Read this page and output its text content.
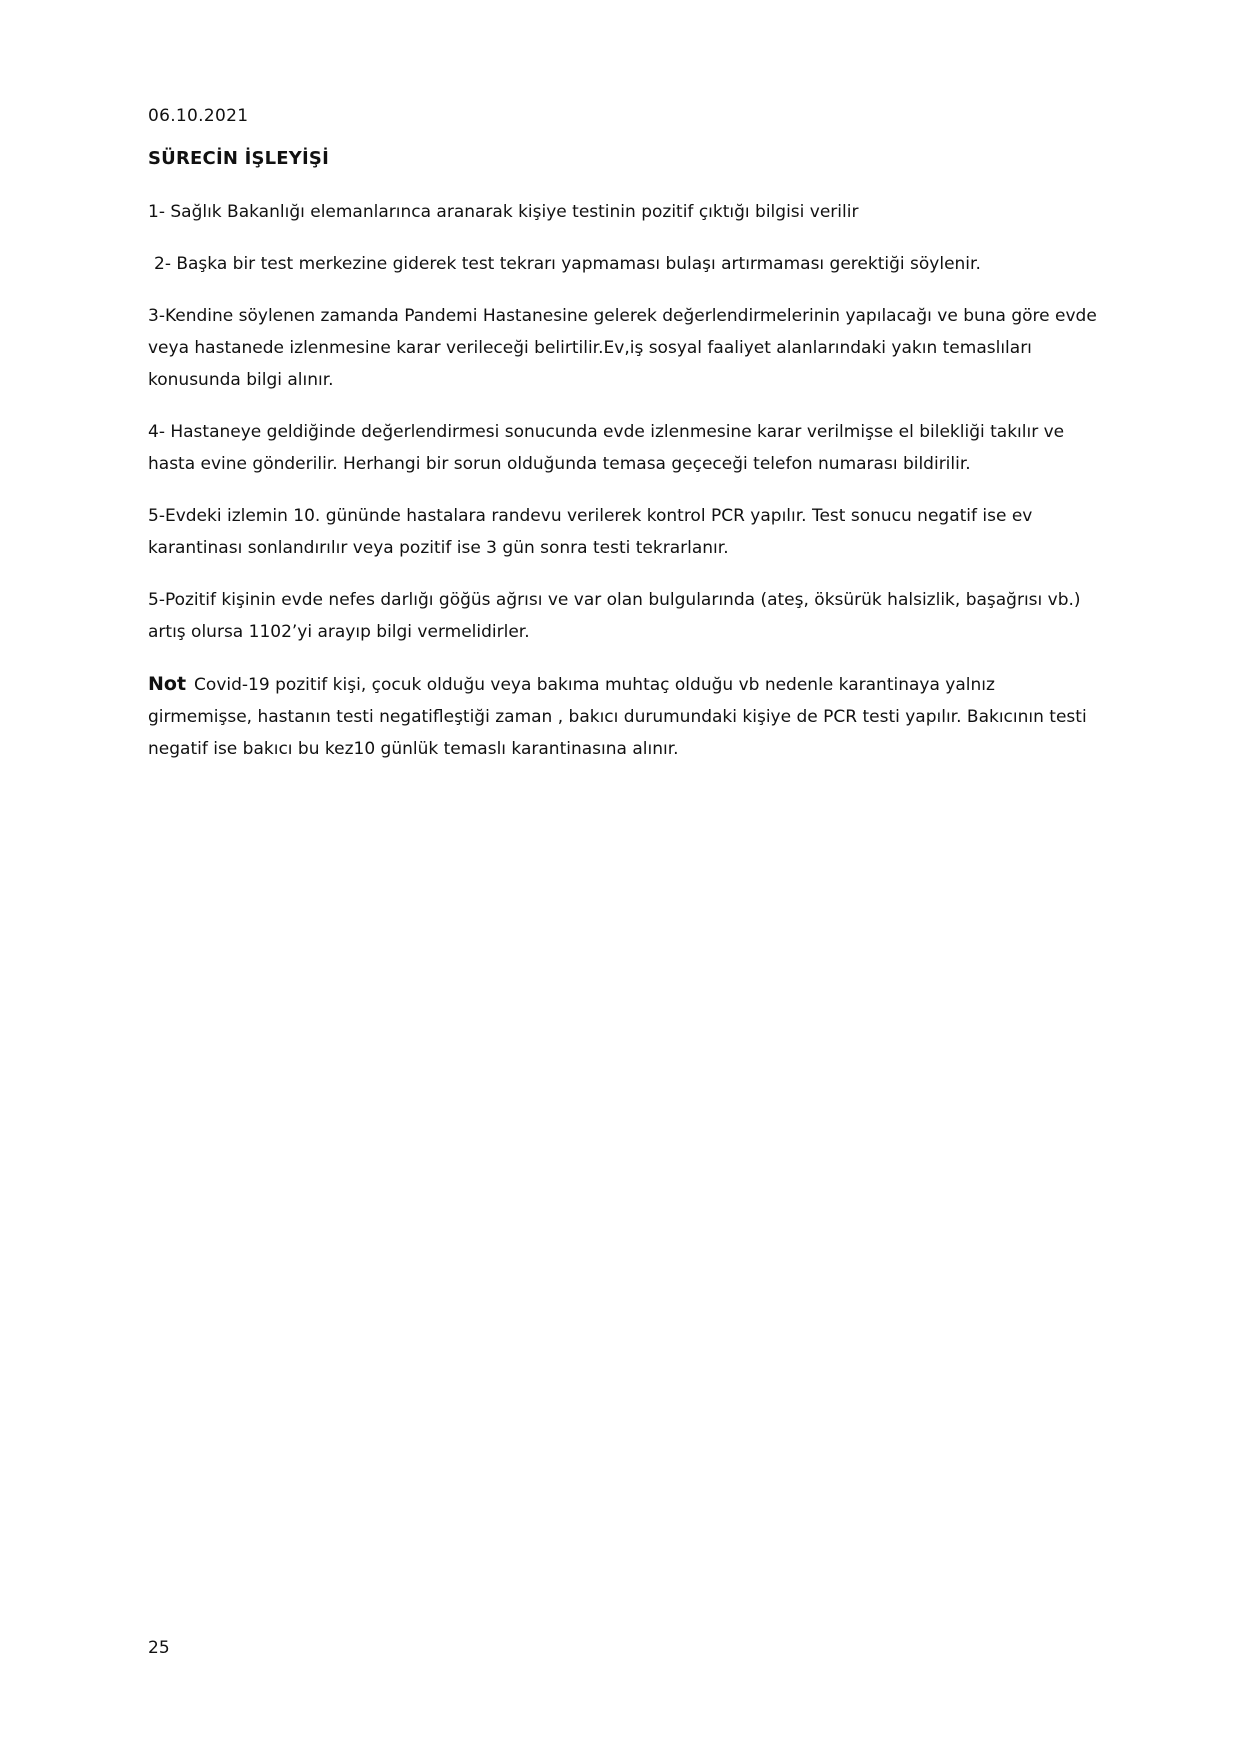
06.10.2021
SÜRECİN İŞLEYİŞİ

1- Sağlık Bakanlığı elemanlarınca aranarak kişiye testinin pozitif çıktığı bilgisi verilir

2- Başka bir test merkezine giderek test tekrarı yapmaması bulaşı artırmaması gerektiği söylenir.

3-Kendine söylenen zamanda Pandemi Hastanesine gelerek değerlendirmelerinin yapılacağı ve buna göre evde veya hastanede izlenmesine karar verileceği belirtilir.Ev,iş sosyal faaliyet alanlarındaki yakın temaslıları konusunda bilgi alınır.

4- Hastaneye geldiğinde değerlendirmesi sonucunda evde izlenmesine karar verilmişse el bilekliği takılır ve hasta evine gönderilir. Herhangi bir sorun olduğunda temasa geçeceği telefon numarası bildirilir.

5-Evdeki izlemin 10. gününde hastalara randevu verilerek kontrol PCR yapılır. Test sonucu negatif ise ev karantinası sonlandırılır veya pozitif ise 3 gün sonra testi tekrarlanır.

5-Pozitif kişinin evde nefes darlığı göğüs ağrısı ve var olan bulgularında (ateş, öksürük halsizlik, başağrısı vb.) artış olursa 1102’yi arayıp bilgi vermelidirler.

Not Covid-19 pozitif kişi, çocuk olduğu veya bakıma muhtaç olduğu vb nedenle karantinaya yalnız girmemişse, hastanın testi negatifleştiği zaman , bakıcı durumundaki kişiye de PCR testi yapılır. Bakıcının testi negatif ise bakıcı bu kez10 günlük temaslı karantinasına alınır.

25
